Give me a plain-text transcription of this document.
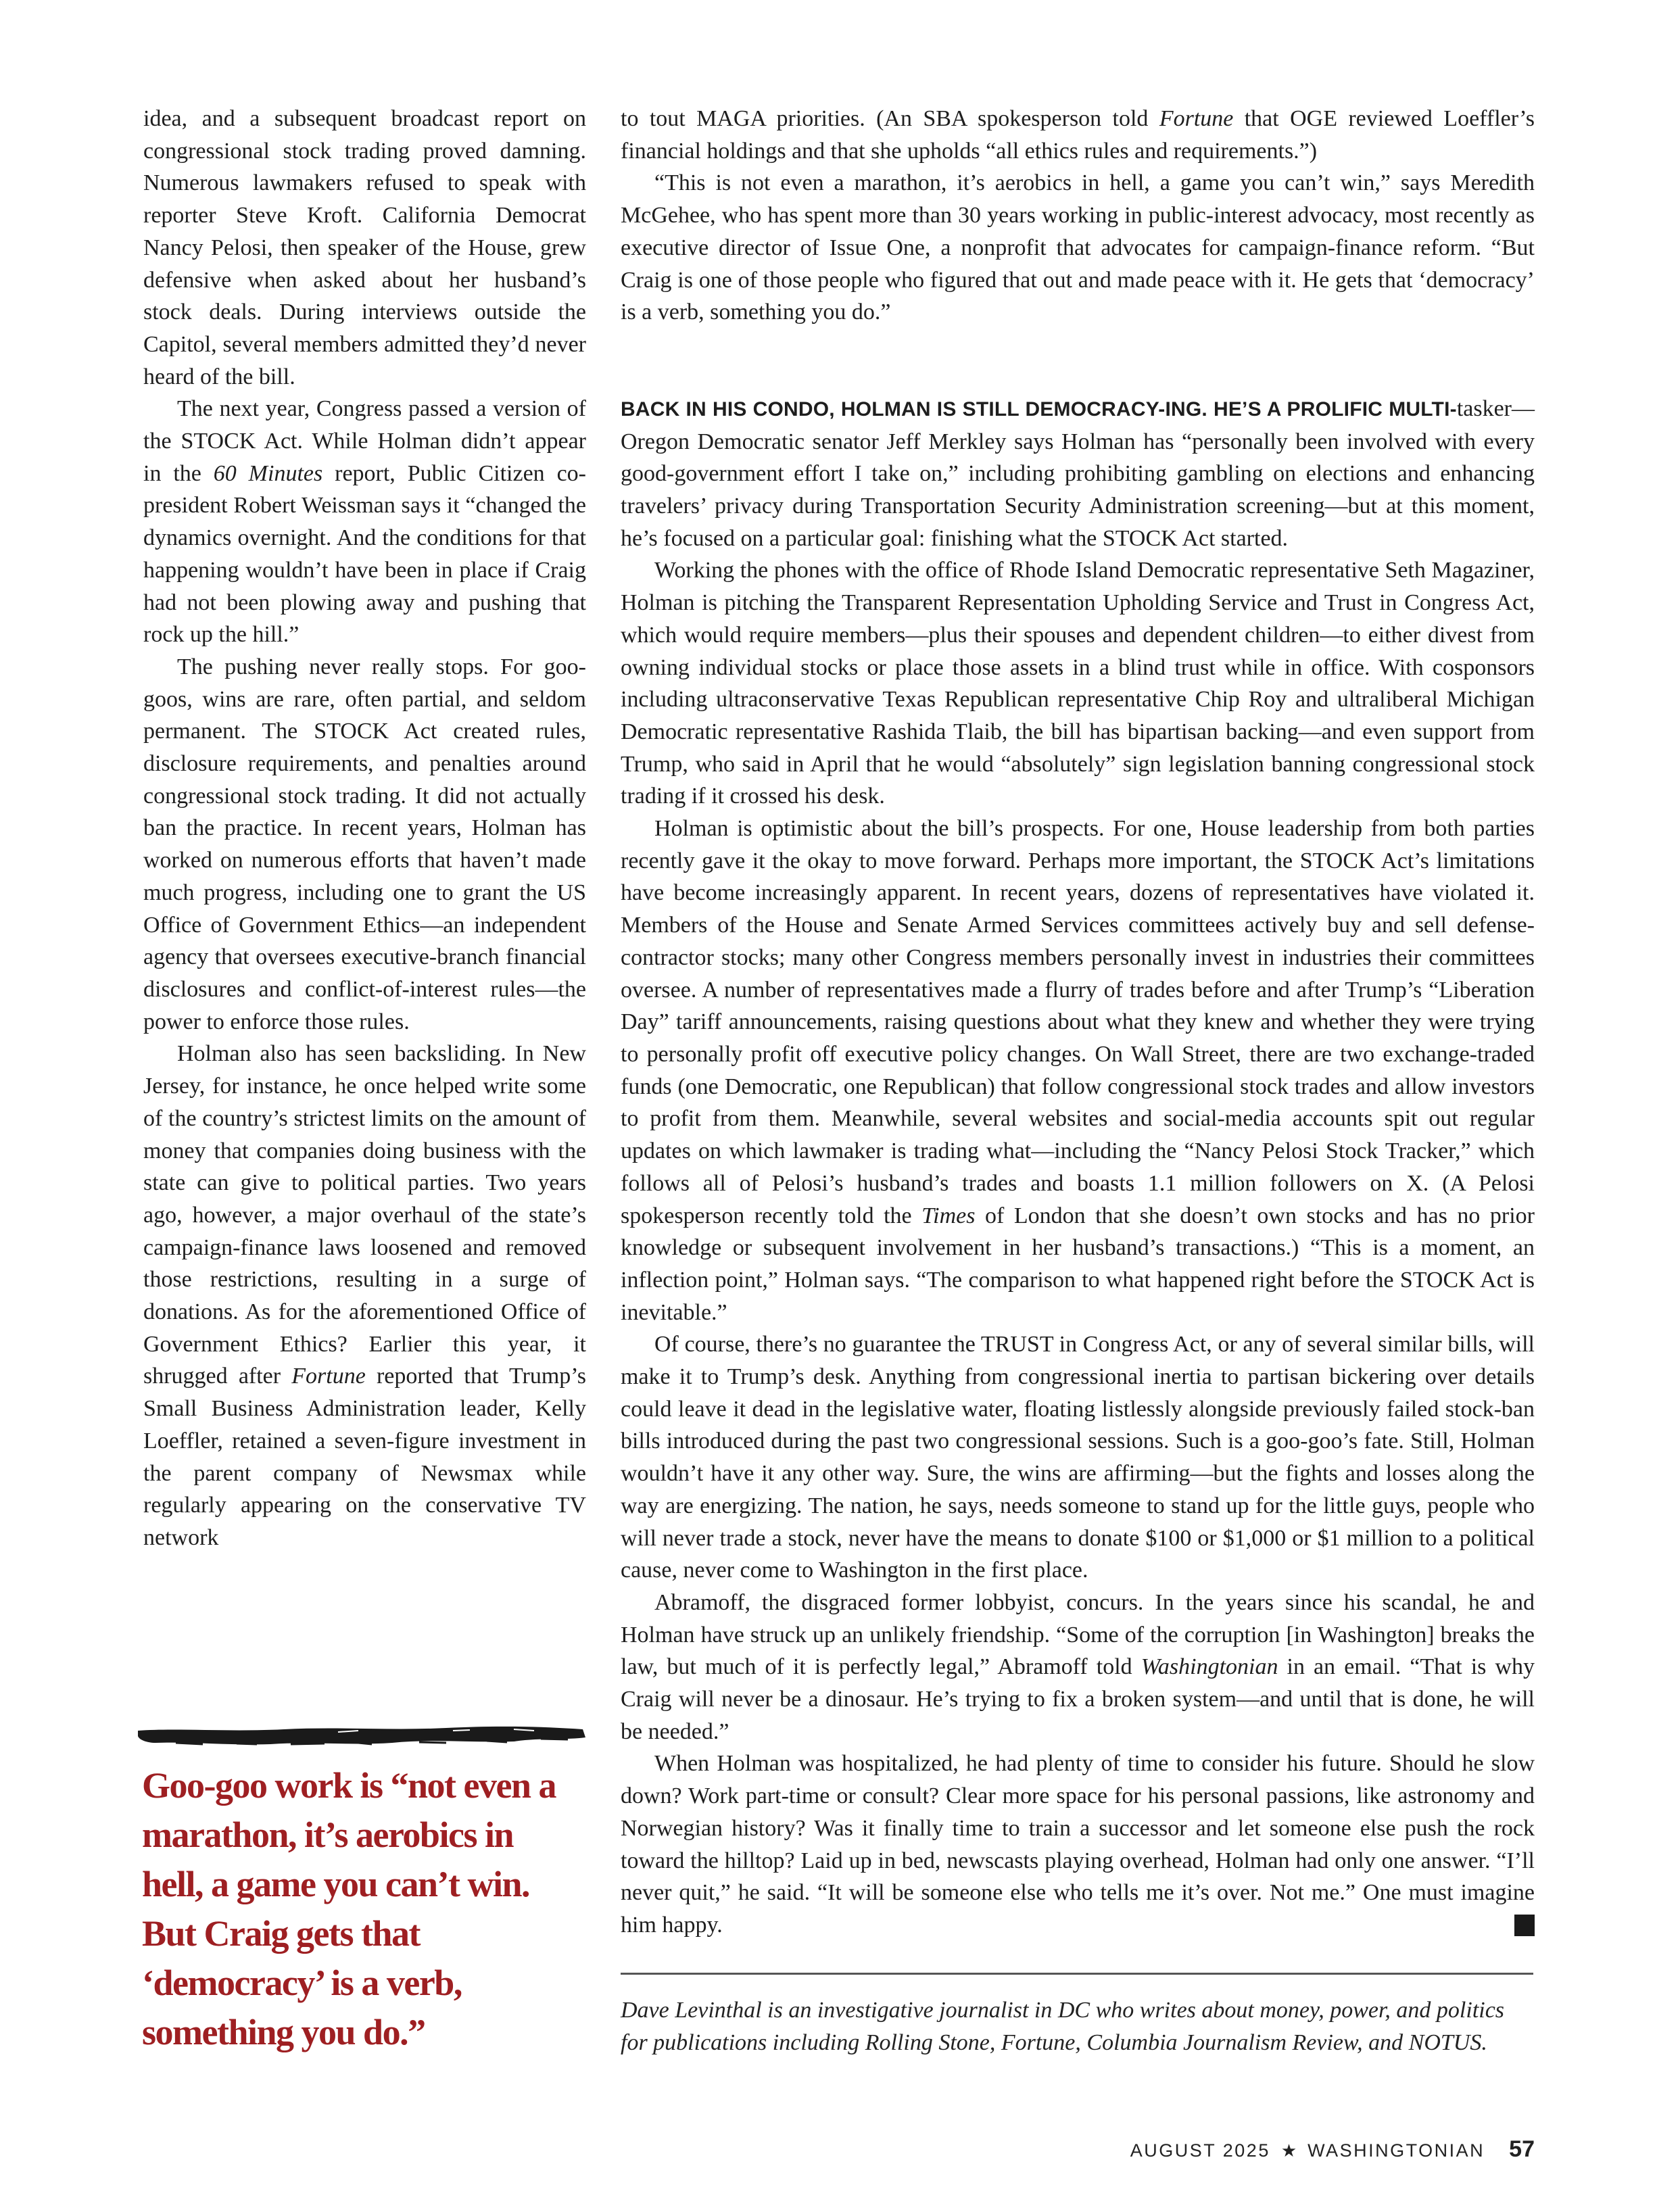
idea, and a subsequent broadcast report on congressional stock trading proved damning. Numerous lawmakers refused to speak with reporter Steve Kroft. California Democrat Nancy Pelosi, then speaker of the House, grew defensive when asked about her husband’s stock deals. During interviews outside the Capitol, several members admitted they’d never heard of the bill.

The next year, Congress passed a version of the STOCK Act. While Holman didn’t appear in the 60 Minutes report, Public Citizen co-president Robert Weissman says it “changed the dynamics overnight. And the conditions for that happening wouldn’t have been in place if Craig had not been plowing away and pushing that rock up the hill.”

The pushing never really stops. For goo-goos, wins are rare, often partial, and seldom permanent. The STOCK Act created rules, disclosure requirements, and penalties around congressional stock trading. It did not actually ban the practice. In recent years, Holman has worked on numerous efforts that haven’t made much progress, including one to grant the US Office of Government Ethics—an independent agency that oversees executive-branch financial disclosures and conflict-of-interest rules—the power to enforce those rules.

Holman also has seen backsliding. In New Jersey, for instance, he once helped write some of the country’s strictest limits on the amount of money that companies doing business with the state can give to political parties. Two years ago, however, a major overhaul of the state’s campaign-finance laws loosened and removed those restrictions, resulting in a surge of donations. As for the aforementioned Office of Government Ethics? Earlier this year, it shrugged after Fortune reported that Trump’s Small Business Administration leader, Kelly Loeffler, retained a seven-figure investment in the parent company of Newsmax while regularly appearing on the conservative TV network

Goo-goo work is “not even a marathon, it’s aerobics in hell, a game you can’t win. But Craig gets that ‘democracy’ is a verb, something you do.”

to tout MAGA priorities. (An SBA spokesperson told Fortune that OGE reviewed Loeffler’s financial holdings and that she upholds “all ethics rules and requirements.”)

“This is not even a marathon, it’s aerobics in hell, a game you can’t win,” says Meredith McGehee, who has spent more than 30 years working in public-interest advocacy, most recently as executive director of Issue One, a nonprofit that advocates for campaign-finance reform. “But Craig is one of those people who figured that out and made peace with it. He gets that ‘democracy’ is a verb, something you do.”

BACK IN HIS CONDO, HOLMAN IS STILL DEMOCRACY-ING. HE’S A PROLIFIC MULTI-tasker—Oregon Democratic senator Jeff Merkley says Holman has “personally been involved with every good-government effort I take on,” including prohibiting gambling on elections and enhancing travelers’ privacy during Transportation Security Administration screening—but at this moment, he’s focused on a particular goal: finishing what the STOCK Act started.

Working the phones with the office of Rhode Island Democratic representative Seth Magaziner, Holman is pitching the Transparent Representation Upholding Service and Trust in Congress Act, which would require members—plus their spouses and dependent children—to either divest from owning individual stocks or place those assets in a blind trust while in office. With cosponsors including ultraconservative Texas Republican representative Chip Roy and ultraliberal Michigan Democratic representative Rashida Tlaib, the bill has bipartisan backing—and even support from Trump, who said in April that he would “absolutely” sign legislation banning congressional stock trading if it crossed his desk.

Holman is optimistic about the bill’s prospects. For one, House leadership from both parties recently gave it the okay to move forward. Perhaps more important, the STOCK Act’s limitations have become increasingly apparent. In recent years, dozens of representatives have violated it. Members of the House and Senate Armed Services committees actively buy and sell defense-contractor stocks; many other Congress members personally invest in industries their committees oversee. A number of representatives made a flurry of trades before and after Trump’s “Liberation Day” tariff announcements, raising questions about what they knew and whether they were trying to personally profit off executive policy changes. On Wall Street, there are two exchange-traded funds (one Democratic, one Republican) that follow congressional stock trades and allow investors to profit from them. Meanwhile, several websites and social-media accounts spit out regular updates on which lawmaker is trading what—including the “Nancy Pelosi Stock Tracker,” which follows all of Pelosi’s husband’s trades and boasts 1.1 million followers on X. (A Pelosi spokesperson recently told the Times of London that she doesn’t own stocks and has no prior knowledge or subsequent involvement in her husband’s transactions.) “This is a moment, an inflection point,” Holman says. “The comparison to what happened right before the STOCK Act is inevitable.”

Of course, there’s no guarantee the TRUST in Congress Act, or any of several similar bills, will make it to Trump’s desk. Anything from congressional inertia to partisan bickering over details could leave it dead in the legislative water, floating listlessly alongside previously failed stock-ban bills introduced during the past two congressional sessions. Such is a goo-goo’s fate. Still, Holman wouldn’t have it any other way. Sure, the wins are affirming—but the fights and losses along the way are energizing. The nation, he says, needs someone to stand up for the little guys, people who will never trade a stock, never have the means to donate $100 or $1,000 or $1 million to a political cause, never come to Washington in the first place.

Abramoff, the disgraced former lobbyist, concurs. In the years since his scandal, he and Holman have struck up an unlikely friendship. “Some of the corruption [in Washington] breaks the law, but much of it is perfectly legal,” Abramoff told Washingtonian in an email. “That is why Craig will never be a dinosaur. He’s trying to fix a broken system—and until that is done, he will be needed.”

When Holman was hospitalized, he had plenty of time to consider his future. Should he slow down? Work part-time or consult? Clear more space for his personal passions, like astronomy and Norwegian history? Was it finally time to train a successor and let someone else push the rock toward the hilltop? Laid up in bed, newscasts playing overhead, Holman had only one answer. “I’ll never quit,” he said. “It will be someone else who tells me it’s over. Not me.” One must imagine him happy.	W

Dave Levinthal is an investigative journalist in DC who writes about money, power, and politics for publications including Rolling Stone, Fortune, Columbia Journalism Review, and NOTUS.
AUGUST 2025 ★ WASHINGTONIAN 57
